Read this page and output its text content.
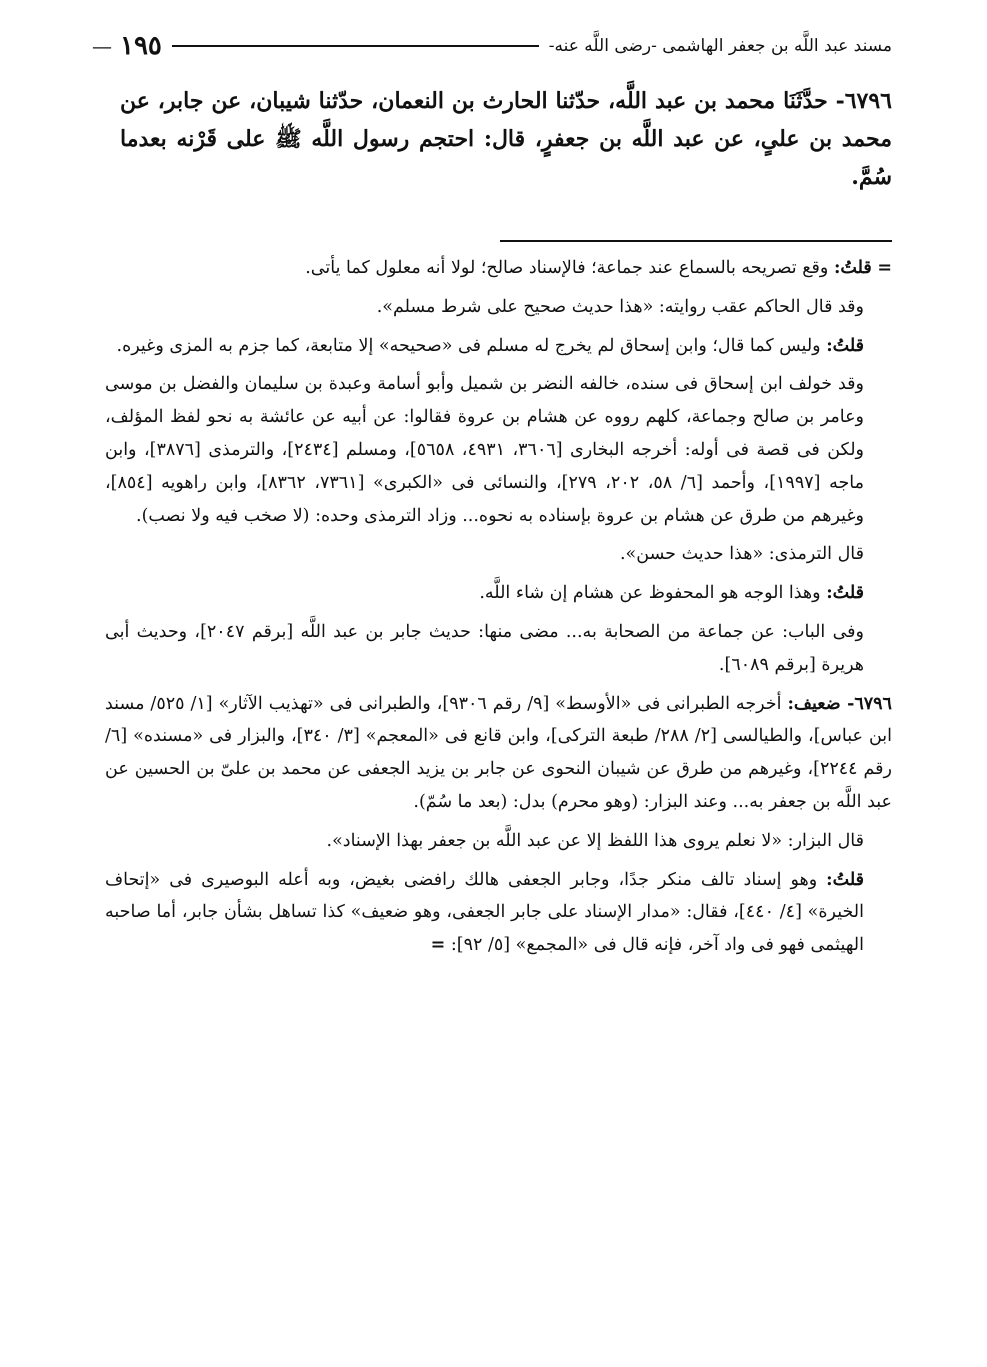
مسند عبد اللَّه بن جعفر الهاشمى -رضى اللَّه عنه-
١٩٥
—
٦٧٩٦- حدَّثَنَا محمد بن عبد اللَّه، حدّثنا الحارث بن النعمان، حدّثنا شيبان، عن جابر، عن محمد بن علىٍ، عن عبد اللَّه بن جعفرٍ، قال: احتجم رسول اللَّه ﷺ على قَرْنه بعدما سُمَّ.

= قلتُ: وقع تصريحه بالسماع عند جماعة؛ فالإسناد صالح؛ لولا أنه معلول كما يأتى.

وقد قال الحاكم عقب روايته: «هذا حديث صحيح على شرط مسلم».

قلتُ: وليس كما قال؛ وابن إسحاق لم يخرج له مسلم فى «صحيحه» إلا متابعة، كما جزم به المزى وغيره.

وقد خولف ابن إسحاق فى سنده، خالفه النضر بن شميل وأبو أسامة وعبدة بن سليمان والفضل بن موسى وعامر بن صالح وجماعة، كلهم رووه عن هشام بن عروة فقالوا: عن أبيه عن عائشة به نحو لفظ المؤلف، ولكن فى قصة فى أوله: أخرجه البخارى [٣٦٠٦، ٤٩٣١، ٥٦٥٨]، ومسلم [٢٤٣٤]، والترمذى [٣٨٧٦]، وابن ماجه [١٩٩٧]، وأحمد [٦/ ٥٨، ٢٠٢، ٢٧٩]، والنسائى فى «الكبرى» [٧٣٦١، ٨٣٦٢]، وابن راهويه [٨٥٤]، وغيرهم من طرق عن هشام بن عروة بإسناده به نحوه... وزاد الترمذى وحده: (لا صخب فيه ولا نصب).

قال الترمذى: «هذا حديث حسن».

قلتُ: وهذا الوجه هو المحفوظ عن هشام إن شاء اللَّه.

وفى الباب: عن جماعة من الصحابة به... مضى منها: حديث جابر بن عبد اللَّه [برقم ٢٠٤٧]، وحديث أبى هريرة [برقم ٦٠٨٩].

٦٧٩٦- ضعيف: أخرجه الطبرانى فى «الأوسط» [٩/ رقم ٩٣٠٦]، والطبرانى فى «تهذيب الآثار» [١/ ٥٢٥/ مسند ابن عباس]، والطيالسى [٢/ ٢٨٨/ طبعة التركى]، وابن قانع فى «المعجم» [٣/ ٣٤٠]، والبزار فى «مسنده» [٦/ رقم ٢٢٤٤]، وغيرهم من طرق عن شيبان النحوى عن جابر بن يزيد الجعفى عن محمد بن علىّ بن الحسين عن عبد اللَّه بن جعفر به... وعند البزار: (وهو محرم) بدل: (بعد ما سُمّ).

قال البزار: «لا نعلم يروى هذا اللفظ إلا عن عبد اللَّه بن جعفر بهذا الإسناد».

قلتُ: وهو إسناد تالف منكر جدًا، وجابر الجعفى هالك رافضى بغيض، وبه أعله البوصيرى فى «إتحاف الخيرة» [٤/ ٤٤٠]، فقال: «مدار الإسناد على جابر الجعفى، وهو ضعيف» كذا تساهل بشأن جابر، أما صاحبه الهيثمى فهو فى واد آخر، فإنه قال فى «المجمع» [٥/ ٩٢]: =
